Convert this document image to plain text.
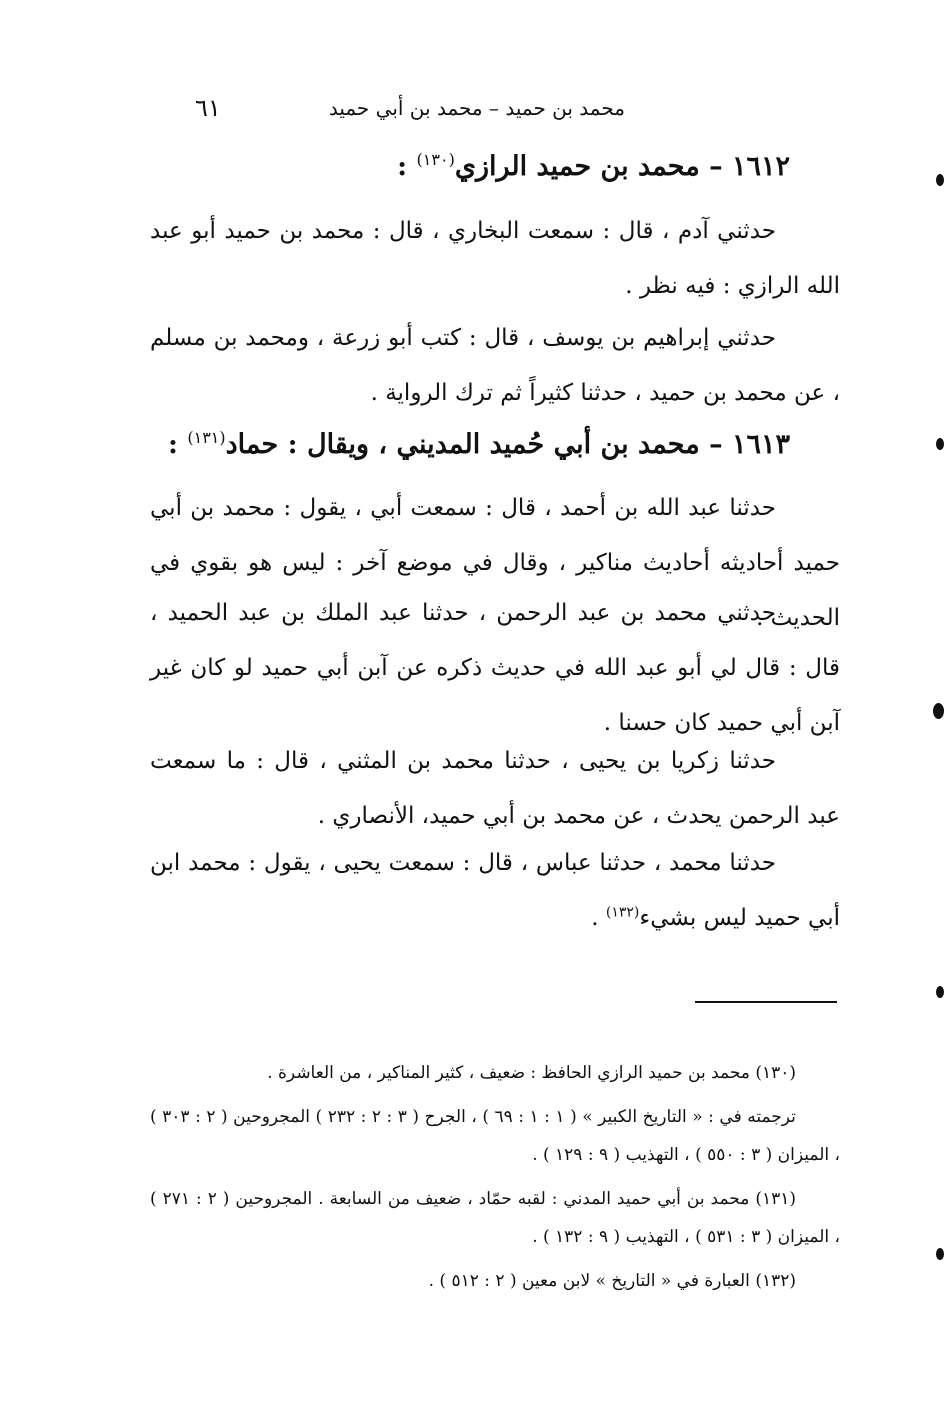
محمد بن حميد – محمد بن أبي حميد
٦١
١٦١٢ – محمد بن حميد الرازي$^{(١٣٠)}$ :
حدثني آدم ، قال : سمعت البخاري ، قال : محمد بن حميد أبو عبد الله الرازي : فيه نظر .
حدثني إبراهيم بن يوسف ، قال : كتب أبو زرعة ، ومحمد بن مسلم ، عن محمد بن حميد ، حدثنا كثيراً ثم ترك الرواية .
١٦١٣ – محمد بن أبي حُميد المديني ، ويقال : حماد$^{(١٣١)}$ :
حدثنا عبد الله بن أحمد ، قال : سمعت أبي ، يقول : محمد بن أبي حميد أحاديثه أحاديث مناكير ، وقال في موضع آخر : ليس هو بقوي في الحديث .
حدثني محمد بن عبد الرحمن ، حدثنا عبد الملك بن عبد الحميد ، قال : قال لي أبو عبد الله في حديث ذكره عن آبن أبي حميد لو كان غير آبن أبي حميد كان حسنا .
حدثنا زكريا بن يحيى ، حدثنا محمد بن المثني ، قال : ما سمعت عبد الرحمن يحدث ، عن محمد بن أبي حميد، الأنصاري .
حدثنا محمد ، حدثنا عباس ، قال : سمعت يحيى ، يقول : محمد ابن أبي حميد ليس بشيء$^{(١٣٢)}$ .
(١٣٠) محمد بن حميد الرازي الحافظ : ضعيف ، كثير المناكير ، من العاشرة .
ترجمته في : « التاريخ الكبير » ( ١ : ١ : ٦٩ ) ، الجرح ( ٣ : ٢ : ٢٣٢ ) المجروحين ( ٢ : ٣٠٣ ) ، الميزان ( ٣ : ٥٥٠ ) ، التهذيب ( ٩ : ١٢٩ ) .
(١٣١) محمد بن أبي حميد المدني : لقبه حمّاد ، ضعيف من السابعة . المجروحين ( ٢ : ٢٧١ ) ، الميزان ( ٣ : ٥٣١ ) ، التهذيب ( ٩ : ١٣٢ ) .
(١٣٢) العبارة في « التاريخ » لابن معين ( ٢ : ٥١٢ ) .
